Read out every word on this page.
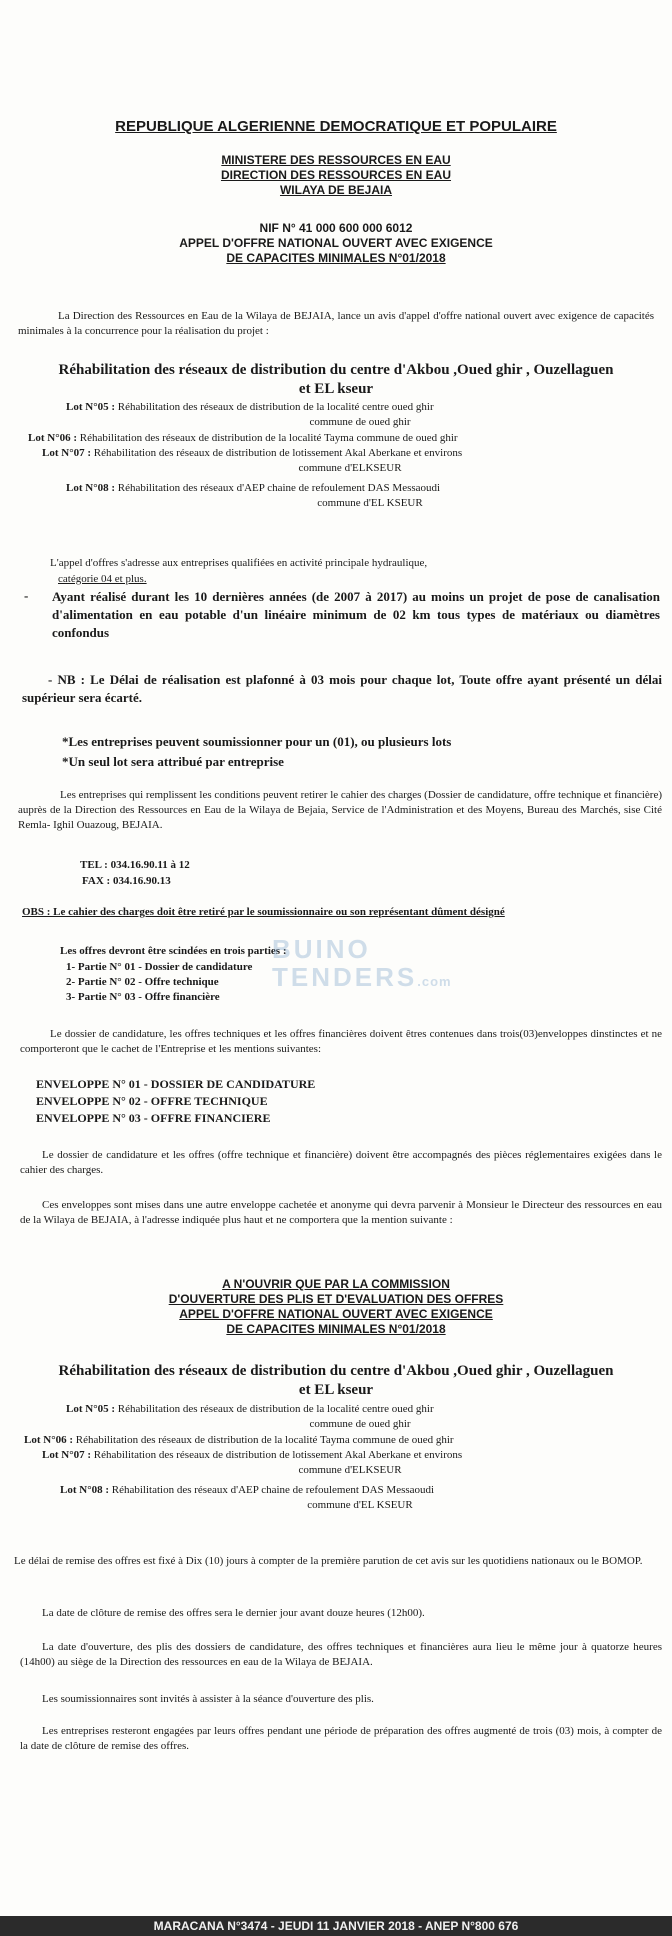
REPUBLIQUE ALGERIENNE DEMOCRATIQUE ET POPULAIRE
MINISTERE DES RESSOURCES EN EAU
DIRECTION DES RESSOURCES EN EAU
WILAYA DE BEJAIA
NIF N° 41 000 600 000 6012
APPEL D'OFFRE NATIONAL OUVERT AVEC EXIGENCE
DE CAPACITES MINIMALES N°01/2018
La Direction des Ressources en Eau de la Wilaya de BEJAIA, lance un avis d'appel d'offre national ouvert avec exigence de capacités minimales à la concurrence pour la réalisation du projet :
Réhabilitation des réseaux de distribution du centre d'Akbou ,Oued ghir , Ouzellaguen
et EL kseur
Lot N°05 : Réhabilitation des réseaux de distribution de la localité centre oued ghir
commune de oued ghir
Lot N°06 : Réhabilitation des réseaux de distribution de la localité Tayma commune de oued ghir
Lot N°07 : Réhabilitation des réseaux de distribution de lotissement Akal Aberkane et environs
commune d'ELKSEUR
Lot N°08 : Réhabilitation des réseaux d'AEP chaine de refoulement DAS Messaoudi
commune d'EL KSEUR
L'appel d'offres s'adresse aux entreprises qualifiées en activité principale hydraulique,
catégorie 04 et plus.
-	Ayant réalisé durant les 10 dernières années (de 2007 à 2017) au moins un projet de pose de canalisation d'alimentation en eau potable d'un linéaire minimum de 02 km tous types de matériaux ou diamètres confondus
- NB : Le Délai de réalisation est plafonné à 03 mois pour chaque lot, Toute offre ayant présenté un délai supérieur sera écarté.
*Les entreprises peuvent soumissionner pour un (01), ou plusieurs lots
*Un seul lot sera attribué par entreprise
Les entreprises qui remplissent les conditions peuvent retirer le cahier des charges (Dossier de candidature, offre technique et financière) auprès de la Direction des Ressources en Eau de la Wilaya de Bejaia, Service de l'Administration et des Moyens, Bureau des Marchés, sise Cité Remla- Ighil Ouazoug, BEJAIA.
TEL : 034.16.90.11 à 12
FAX : 034.16.90.13
OBS : Le cahier des charges doit être retiré par le soumissionnaire ou son représentant dûment désigné
Les offres devront être scindées en trois parties :
1- Partie N° 01 - Dossier de candidature
2- Partie N° 02 - Offre technique
3- Partie N° 03 - Offre financière
BUINO
TENDERS.com
Le dossier de candidature, les offres techniques et les offres financières doivent êtres contenues dans trois(03)enveloppes dinstinctes et ne comporteront que le cachet de l'Entreprise et les mentions suivantes:
ENVELOPPE N° 01 - DOSSIER DE CANDIDATURE
ENVELOPPE N° 02 - OFFRE TECHNIQUE
ENVELOPPE N° 03 - OFFRE FINANCIERE
Le dossier de candidature et les offres (offre technique et financière) doivent être accompagnés des pièces réglementaires exigées dans le cahier des charges.
Ces enveloppes sont mises dans une autre enveloppe cachetée et anonyme qui devra parvenir à Monsieur le Directeur des ressources en eau de la Wilaya de BEJAIA, à l'adresse indiquée plus haut et ne comportera que la mention suivante :
A N'OUVRIR QUE PAR LA COMMISSION
D'OUVERTURE DES PLIS ET D'EVALUATION DES OFFRES
APPEL D'OFFRE NATIONAL OUVERT AVEC EXIGENCE
DE CAPACITES MINIMALES N°01/2018
Réhabilitation des réseaux de distribution du centre d'Akbou ,Oued ghir , Ouzellaguen
et EL kseur
Lot N°05 : Réhabilitation des réseaux de distribution de la localité centre oued ghir
commune de oued ghir
Lot N°06 : Réhabilitation des réseaux de distribution de la localité Tayma commune de oued ghir
Lot N°07 : Réhabilitation des réseaux de distribution de lotissement Akal Aberkane et environs
commune d'ELKSEUR
Lot N°08 : Réhabilitation des réseaux d'AEP chaine de refoulement DAS Messaoudi
commune d'EL KSEUR
Le délai de remise des offres est fixé à Dix (10) jours à compter de la première parution de cet avis sur les quotidiens nationaux ou le BOMOP.
La date de clôture de remise des offres sera le dernier jour avant douze heures (12h00).
La date d'ouverture, des plis des dossiers de candidature, des offres techniques et financières aura lieu le même jour à quatorze heures (14h00) au siège de la Direction des ressources en eau de la Wilaya de BEJAIA.
Les soumissionnaires sont invités à assister à la séance d'ouverture des plis.
Les entreprises resteront engagées par leurs offres pendant une période de préparation des offres augmenté de trois (03) mois, à compter de la date de clôture de remise des offres.
MARACANA N°3474 - JEUDI 11 JANVIER 2018 - ANEP N°800 676
